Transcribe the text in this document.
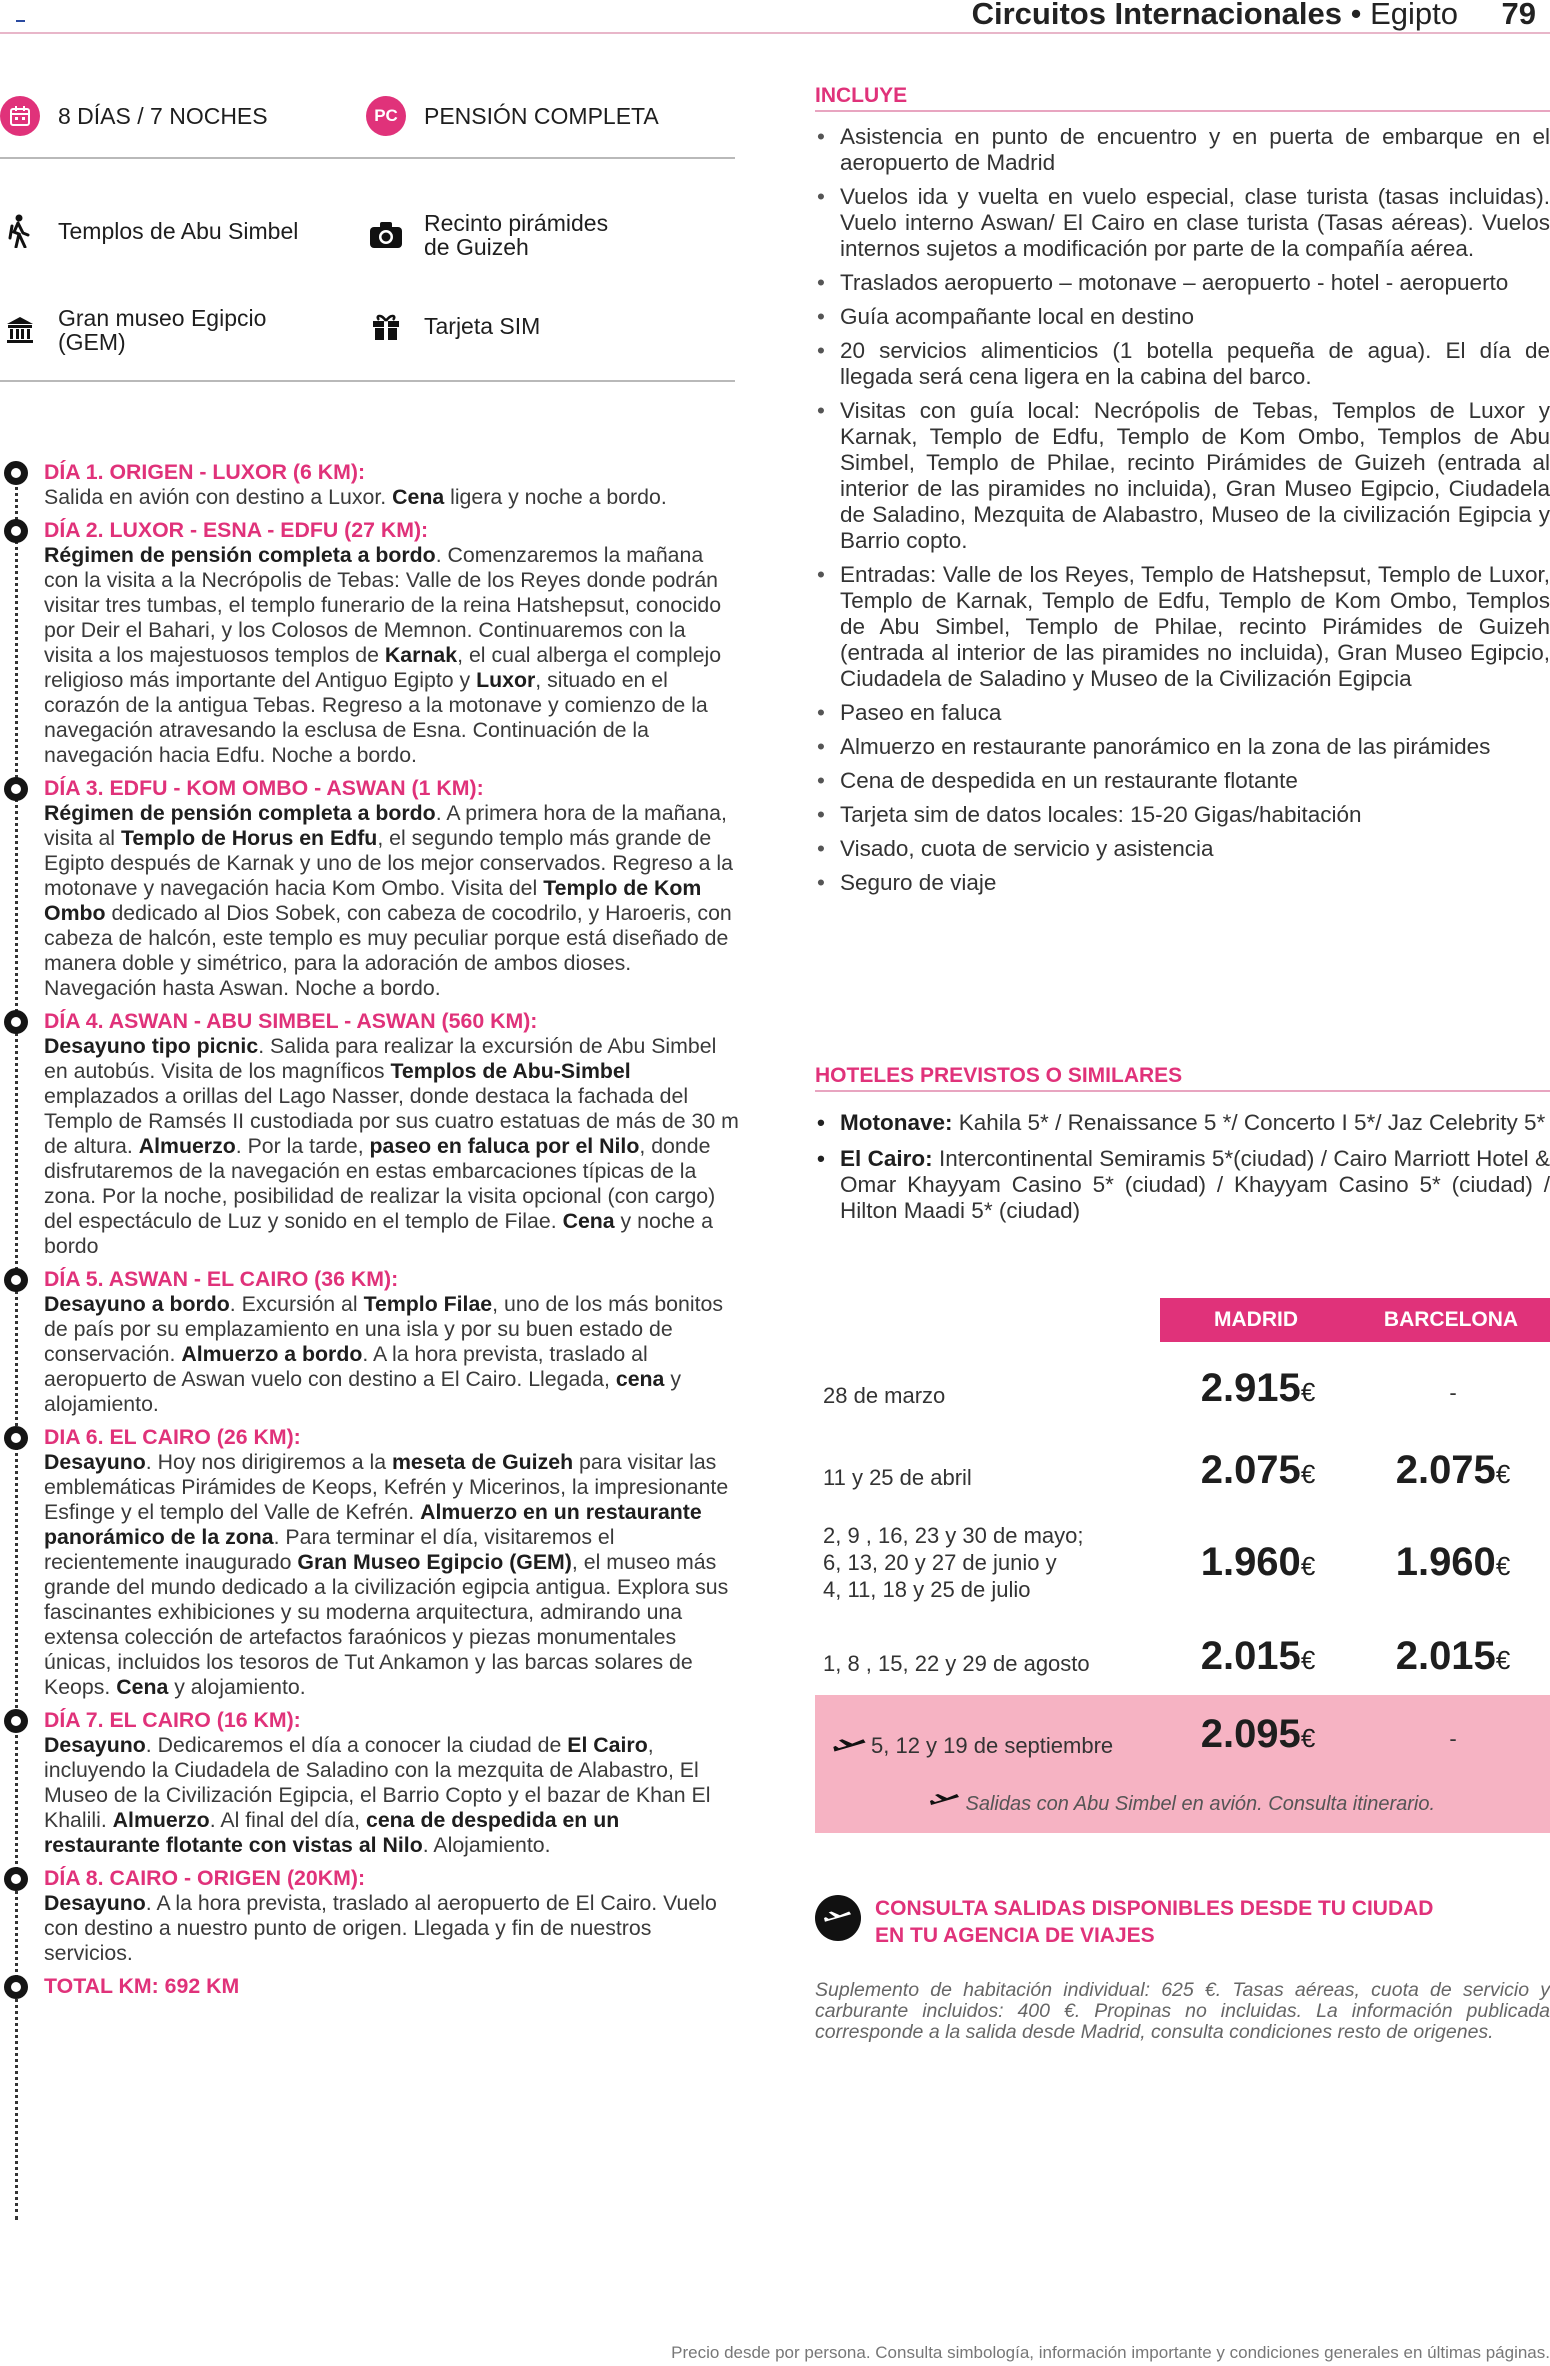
Circuitos Internacionales • Egipto 79
8 DÍAS / 7 NOCHES	PC	PENSIÓN COMPLETA
Templos de Abu Simbel	Recinto pirámides de Guizeh
Gran museo Egipcio (GEM)
Tarjeta SIM
DÍA 1. ORIGEN - LUXOR (6 KM):
Salida en avión con destino a Luxor. Cena ligera y noche a bordo.
DÍA 2. LUXOR - ESNA - EDFU (27 KM):
Régimen de pensión completa a bordo. Comenzaremos la mañana con la visita a la Necrópolis de Tebas: Valle de los Reyes donde podrán visitar tres tumbas, el templo funerario de la reina Hatshepsut, conocido por Deir el Bahari, y los Colosos de Memnon. Continuaremos con la visita a los majestuosos templos de Karnak, el cual alberga el complejo religioso más importante del Antiguo Egipto y Luxor, situado en el corazón de la antigua Tebas. Regreso a la motonave y comienzo de la navegación atravesando la esclusa de Esna. Continuación de la navegación hacia Edfu. Noche a bordo.
DÍA 3. EDFU - KOM OMBO - ASWAN (1 KM):
Régimen de pensión completa a bordo. A primera hora de la mañana, visita al Templo de Horus en Edfu, el segundo templo más grande de Egipto después de Karnak y uno de los mejor conservados. Regreso a la motonave y navegación hacia Kom Ombo. Visita del Templo de Kom Ombo dedicado al Dios Sobek, con cabeza de cocodrilo, y Haroeris, con cabeza de halcón, este templo es muy peculiar porque está diseñado de manera doble y simétrico, para la adoración de ambos dioses. Navegación hasta Aswan. Noche a bordo.
DÍA 4. ASWAN - ABU SIMBEL - ASWAN (560 KM):
Desayuno tipo picnic. Salida para realizar la excursión de Abu Simbel en autobús. Visita de los magníficos Templos de Abu-Simbel emplazados a orillas del Lago Nasser, donde destaca la fachada del Templo de Ramsés II custodiada por sus cuatro estatuas de más de 30 m de altura. Almuerzo. Por la tarde, paseo en faluca por el Nilo, donde disfrutaremos de la navegación en estas embarcaciones típicas de la zona. Por la noche, posibilidad de realizar la visita opcional (con cargo) del espectáculo de Luz y sonido en el templo de Filae. Cena y noche a bordo
DÍA 5. ASWAN - EL CAIRO (36 KM):
Desayuno a bordo. Excursión al Templo Filae, uno de los más bonitos de país por su emplazamiento en una isla y por su buen estado de conservación. Almuerzo a bordo. A la hora prevista, traslado al aeropuerto de Aswan vuelo con destino a El Cairo. Llegada, cena y alojamiento.
DIA 6. EL CAIRO (26 KM):
Desayuno. Hoy nos dirigiremos a la meseta de Guizeh para visitar las emblemáticas Pirámides de Keops, Kefrén y Micerinos, la impresionante Esfinge y el templo del Valle de Kefrén. Almuerzo en un restaurante panorámico de la zona. Para terminar el día, visitaremos el recientemente inaugurado Gran Museo Egipcio (GEM), el museo más grande del mundo dedicado a la civilización egipcia antigua. Explora sus fascinantes exhibiciones y su moderna arquitectura, admirando una extensa colección de artefactos faraónicos y piezas monumentales únicas, incluidos los tesoros de Tut Ankamon y las barcas solares de Keops. Cena y alojamiento.
DÍA 7. EL CAIRO (16 KM):
Desayuno. Dedicaremos el día a conocer la ciudad de El Cairo, incluyendo la Ciudadela de Saladino con la mezquita de Alabastro, El Museo de la Civilización Egipcia, el Barrio Copto y el bazar de Khan El Khalili. Almuerzo. Al final del día, cena de despedida en un restaurante flotante con vistas al Nilo. Alojamiento.
DÍA 8. CAIRO - ORIGEN (20KM):
Desayuno. A la hora prevista, traslado al aeropuerto de El Cairo. Vuelo con destino a nuestro punto de origen. Llegada y fin de nuestros servicios.
TOTAL KM: 692 KM
INCLUYE
• Asistencia en punto de encuentro y en puerta de embarque en el aeropuerto de Madrid
• Vuelos ida y vuelta en vuelo especial, clase turista (tasas incluidas). Vuelo interno Aswan/ El Cairo en clase turista (Tasas aéreas). Vuelos internos sujetos a modificación por parte de la compañía aérea.
• Traslados aeropuerto – motonave – aeropuerto - hotel - aeropuerto
• Guía acompañante local en destino
• 20 servicios alimenticios (1 botella pequeña de agua). El día de llegada será cena ligera en la cabina del barco.
• Visitas con guía local: Necrópolis de Tebas, Templos de Luxor y Karnak, Templo de Edfu, Templo de Kom Ombo, Templos de Abu Simbel, Templo de Philae, recinto Pirámides de Guizeh (entrada al interior de las piramides no incluida), Gran Museo Egipcio, Ciudadela de Saladino, Mezquita de Alabastro, Museo de la civilización Egipcia y Barrio copto.
• Entradas: Valle de los Reyes, Templo de Hatshepsut, Templo de Luxor, Templo de Karnak, Templo de Edfu, Templo de Kom Ombo, Templos de Abu Simbel, Templo de Philae, recinto Pirámides de Guizeh (entrada al interior de las piramides no incluida), Gran Museo Egipcio, Ciudadela de Saladino y Museo de la Civilización Egipcia
• Paseo en faluca
• Almuerzo en restaurante panorámico en la zona de las pirámides
• Cena de despedida en un restaurante flotante
• Tarjeta sim de datos locales: 15-20 Gigas/habitación
• Visado, cuota de servicio y asistencia
• Seguro de viaje
HOTELES PREVISTOS O SIMILARES
• Motonave: Kahila 5* / Renaissance 5 */ Concerto I 5*/ Jaz Celebrity 5*
• El Cairo: Intercontinental Semiramis 5*(ciudad) / Cairo Marriott Hotel & Omar Khayyam Casino 5* (ciudad) / Khayyam Casino 5* (ciudad) / Hilton Maadi 5* (ciudad)
MADRID	BARCELONA
28 de marzo	2.915€	-
11 y 25 de abril	2.075€	2.075€
2, 9 , 16, 23 y 30 de mayo;
6, 13, 20 y 27 de junio y
4, 11, 18 y 25 de julio
1.960€	1.960€
1, 8 , 15, 22 y 29 de agosto	2.015€	2.015€
5, 12 y 19 de septiembre	2.095€	-
Salidas con Abu Simbel en avión. Consulta itinerario.
CONSULTA SALIDAS DISPONIBLES DESDE TU CIUDAD
EN TU AGENCIA DE VIAJES
Suplemento de habitación individual: 625 €. Tasas aéreas, cuota de servicio y carburante incluidos: 400 €. Propinas no incluidas. La información publicada corresponde a la salida desde Madrid, consulta condiciones resto de origenes.
Precio desde por persona. Consulta simbología, información importante y condiciones generales en últimas páginas.
